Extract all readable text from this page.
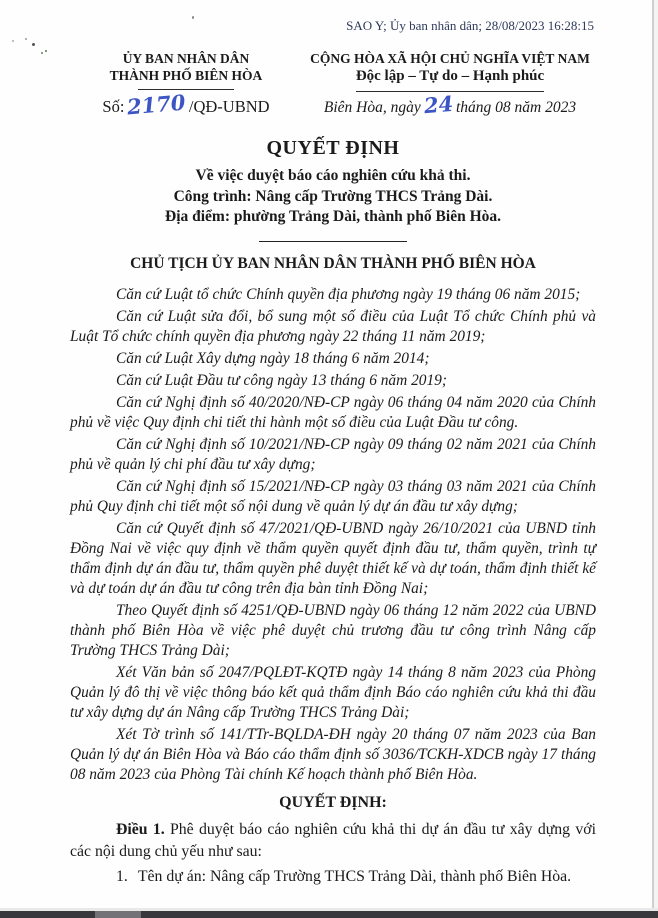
SAO Y; Ủy ban nhân dân; 28/08/2023 16:28:15
ỦY BAN NHÂN DÂN
THÀNH PHỐ BIÊN HÒA
Số:2170 /QĐ-UBND
CỘNG HÒA XÃ HỘI CHỦ NGHĨA VIỆT NAM
Độc lập – Tự do – Hạnh phúc
Biên Hòa, ngày24 tháng 08 năm 2023
QUYẾT ĐỊNH

Về việc duyệt báo cáo nghiên cứu khả thi.

Công trình: Nâng cấp Trường THCS Trảng Dài.

Địa điểm: phường Trảng Dài, thành phố Biên Hòa.

CHỦ TỊCH ỦY BAN NHÂN DÂN THÀNH PHỐ BIÊN HÒA

Căn cứ Luật tổ chức Chính quyền địa phương ngày 19 tháng 06 năm 2015;

Căn cứ Luật sửa đổi, bổ sung một số điều của Luật Tổ chức Chính phủ và Luật Tổ chức chính quyền địa phương ngày 22 tháng 11 năm 2019;

Căn cứ Luật Xây dựng ngày 18 tháng 6 năm 2014;

Căn cứ Luật Đầu tư công ngày 13 tháng 6 năm 2019;

Căn cứ Nghị định số 40/2020/NĐ-CP ngày 06 tháng 04 năm 2020 của Chính phủ về việc Quy định chi tiết thi hành một số điều của Luật Đầu tư công.

Căn cứ Nghị định số 10/2021/NĐ-CP ngày 09 tháng 02 năm 2021 của Chính phủ về quản lý chi phí đầu tư xây dựng;

Căn cứ Nghị định số 15/2021/NĐ-CP ngày 03 tháng 03 năm 2021 của Chính phủ Quy định chi tiết một số nội dung về quản lý dự án đầu tư xây dựng;

Căn cứ Quyết định số 47/2021/QĐ-UBND ngày 26/10/2021 của UBND tỉnh Đồng Nai về việc quy định về thẩm quyền quyết định đầu tư, thẩm quyền, trình tự thẩm định dự án đầu tư, thẩm quyền phê duyệt thiết kế và dự toán, thẩm định thiết kế và dự toán dự án đầu tư công trên địa bàn tỉnh Đồng Nai;

Theo Quyết định số 4251/QĐ-UBND ngày 06 tháng 12 năm 2022 của UBND thành phố Biên Hòa về việc phê duyệt chủ trương đầu tư công trình Nâng cấp Trường THCS Trảng Dài;

Xét Văn bản số 2047/PQLĐT-KQTĐ ngày 14 tháng 8 năm 2023 của Phòng Quản lý đô thị về việc thông báo kết quả thẩm định Báo cáo nghiên cứu khả thi đầu tư xây dựng dự án Nâng cấp Trường THCS Trảng Dài;

Xét Tờ trình số 141/TTr-BQLDA-ĐH ngày 20 tháng 07 năm 2023 của Ban Quản lý dự án Biên Hòa và Báo cáo thẩm định số 3036/TCKH-XDCB ngày 17 tháng 08 năm 2023 của Phòng Tài chính Kế hoạch thành phố Biên Hòa.

QUYẾT ĐỊNH:

Điều 1. Phê duyệt báo cáo nghiên cứu khả thi dự án đầu tư xây dựng với các nội dung chủ yếu như sau:

1. Tên dự án: Nâng cấp Trường THCS Trảng Dài, thành phố Biên Hòa.
